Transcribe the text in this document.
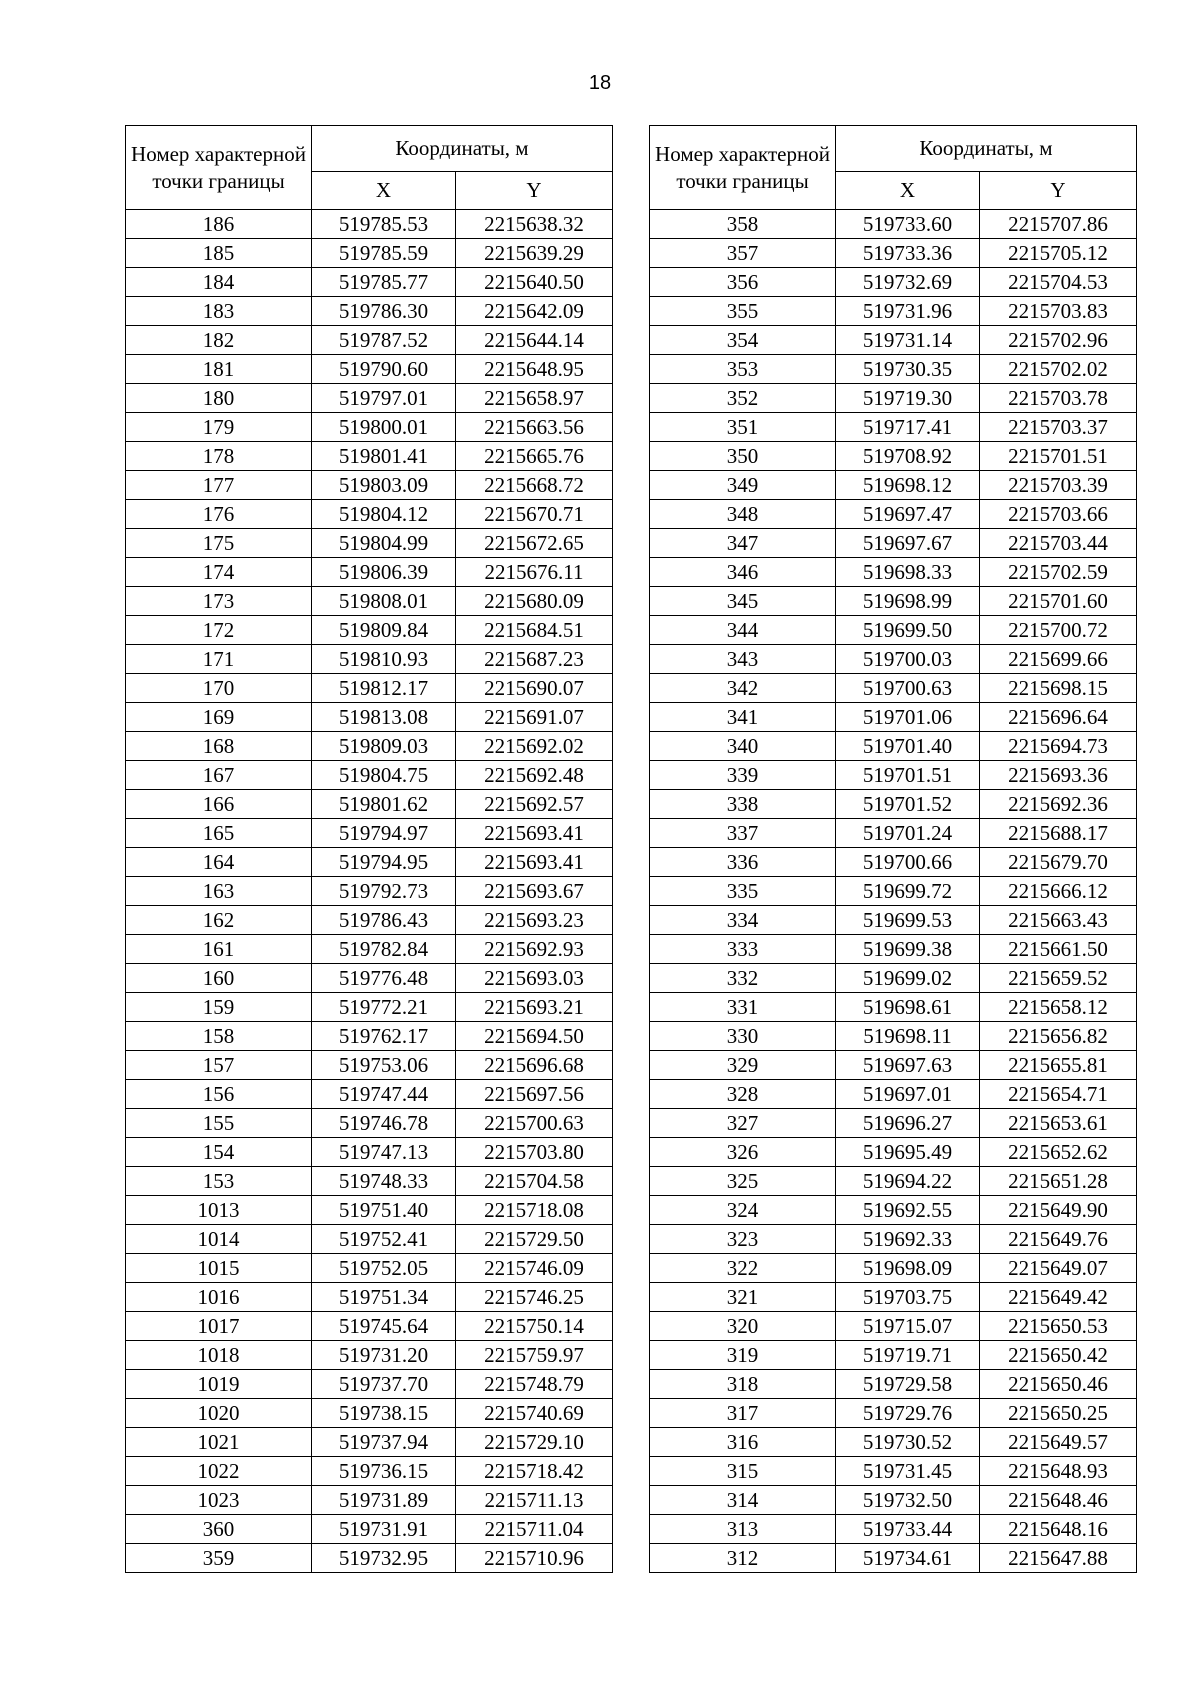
18
Номер характерной точки границы	Координаты, м	
	X	Y
186	519785.53	2215638.32
185	519785.59	2215639.29
184	519785.77	2215640.50
183	519786.30	2215642.09
182	519787.52	2215644.14
181	519790.60	2215648.95
180	519797.01	2215658.97
179	519800.01	2215663.56
178	519801.41	2215665.76
177	519803.09	2215668.72
176	519804.12	2215670.71
175	519804.99	2215672.65
174	519806.39	2215676.11
173	519808.01	2215680.09
172	519809.84	2215684.51
171	519810.93	2215687.23
170	519812.17	2215690.07
169	519813.08	2215691.07
168	519809.03	2215692.02
167	519804.75	2215692.48
166	519801.62	2215692.57
165	519794.97	2215693.41
164	519794.95	2215693.41
163	519792.73	2215693.67
162	519786.43	2215693.23
161	519782.84	2215692.93
160	519776.48	2215693.03
159	519772.21	2215693.21
158	519762.17	2215694.50
157	519753.06	2215696.68
156	519747.44	2215697.56
155	519746.78	2215700.63
154	519747.13	2215703.80
153	519748.33	2215704.58
1013	519751.40	2215718.08
1014	519752.41	2215729.50
1015	519752.05	2215746.09
1016	519751.34	2215746.25
1017	519745.64	2215750.14
1018	519731.20	2215759.97
1019	519737.70	2215748.79
1020	519738.15	2215740.69
1021	519737.94	2215729.10
1022	519736.15	2215718.42
1023	519731.89	2215711.13
360	519731.91	2215711.04
359	519732.95	2215710.96
Номер характерной точки границы	Координаты, м	
	X	Y
358	519733.60	2215707.86
357	519733.36	2215705.12
356	519732.69	2215704.53
355	519731.96	2215703.83
354	519731.14	2215702.96
353	519730.35	2215702.02
352	519719.30	2215703.78
351	519717.41	2215703.37
350	519708.92	2215701.51
349	519698.12	2215703.39
348	519697.47	2215703.66
347	519697.67	2215703.44
346	519698.33	2215702.59
345	519698.99	2215701.60
344	519699.50	2215700.72
343	519700.03	2215699.66
342	519700.63	2215698.15
341	519701.06	2215696.64
340	519701.40	2215694.73
339	519701.51	2215693.36
338	519701.52	2215692.36
337	519701.24	2215688.17
336	519700.66	2215679.70
335	519699.72	2215666.12
334	519699.53	2215663.43
333	519699.38	2215661.50
332	519699.02	2215659.52
331	519698.61	2215658.12
330	519698.11	2215656.82
329	519697.63	2215655.81
328	519697.01	2215654.71
327	519696.27	2215653.61
326	519695.49	2215652.62
325	519694.22	2215651.28
324	519692.55	2215649.90
323	519692.33	2215649.76
322	519698.09	2215649.07
321	519703.75	2215649.42
320	519715.07	2215650.53
319	519719.71	2215650.42
318	519729.58	2215650.46
317	519729.76	2215650.25
316	519730.52	2215649.57
315	519731.45	2215648.93
314	519732.50	2215648.46
313	519733.44	2215648.16
312	519734.61	2215647.88
